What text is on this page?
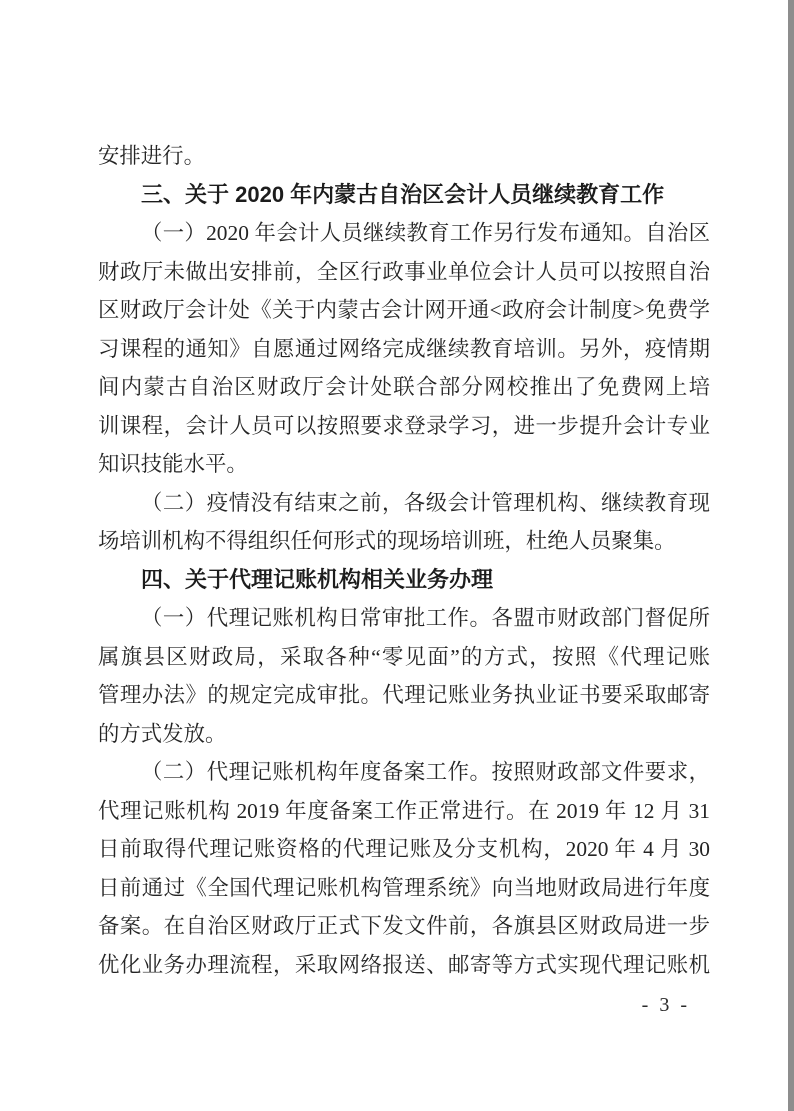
安排进行。
三、关于 2020 年内蒙古自治区会计人员继续教育工作
（一）2020 年会计人员继续教育工作另行发布通知。自治区
财政厅未做出安排前，全区行政事业单位会计人员可以按照自治
区财政厅会计处《关于内蒙古会计网开通<政府会计制度>免费学
习课程的通知》自愿通过网络完成继续教育培训。另外，疫情期
间内蒙古自治区财政厅会计处联合部分网校推出了免费网上培
训课程，会计人员可以按照要求登录学习，进一步提升会计专业
知识技能水平。
（二）疫情没有结束之前，各级会计管理机构、继续教育现
场培训机构不得组织任何形式的现场培训班，杜绝人员聚集。
四、关于代理记账机构相关业务办理
（一）代理记账机构日常审批工作。各盟市财政部门督促所
属旗县区财政局，采取各种“零见面”的方式，按照《代理记账
管理办法》的规定完成审批。代理记账业务执业证书要采取邮寄
的方式发放。
（二）代理记账机构年度备案工作。按照财政部文件要求，
代理记账机构 2019 年度备案工作正常进行。在 2019 年 12 月 31
日前取得代理记账资格的代理记账及分支机构，2020 年 4 月 30
日前通过《全国代理记账机构管理系统》向当地财政局进行年度
备案。在自治区财政厅正式下发文件前，各旗县区财政局进一步
优化业务办理流程，采取网络报送、邮寄等方式实现代理记账机
- 3 -
